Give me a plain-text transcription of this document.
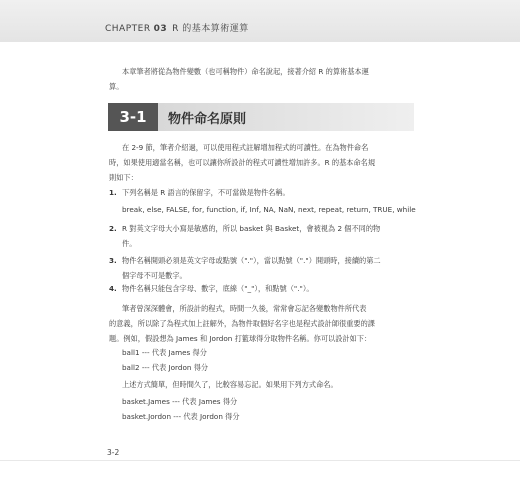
CHAPTER 03 R 的基本算術運算
本章筆者將從為物件變數（也可稱物件）命名說起，接著介紹 R 的算術基本運
算。
3-1	物件命名原則
在 2-9 節，筆者介紹過，可以使用程式註解增加程式的可讀性。在為物件命名
時，如果使用適當名稱，也可以讓你所設計的程式可讀性增加許多。R 的基本命名規
則如下：
1. 下列名稱是 R 語言的保留字，不可當做是物件名稱。
break, else, FALSE, for, function, if, Inf, NA, NaN, next, repeat, return, TRUE, while
2. R 對英文字母大小寫是敏感的，所以 basket 與 Basket，會被視為 2 個不同的物
件。
3. 物件名稱開頭必須是英文字母或點號（"."），當以點號（"."）開頭時，接續的第二
個字母不可是數字。
4. 物件名稱只能包含字母、數字，底線（"_"），和點號（"."）。
筆者曾深深體會，所設計的程式，時間一久後，常常會忘記各變數物件所代表
的意義，所以除了為程式加上註解外，為物件取個好名字也是程式設計師很重要的課
題。例如，假設想為 James 和 Jordon 打籃球得分取物件名稱。你可以設計如下：
ball1 --- 代表 James 得分
ball2 --- 代表 Jordon 得分
上述方式簡單，但時間久了，比較容易忘記。如果用下列方式命名。
basket.James --- 代表 James 得分
basket.Jordon --- 代表 Jordon 得分
3-2
